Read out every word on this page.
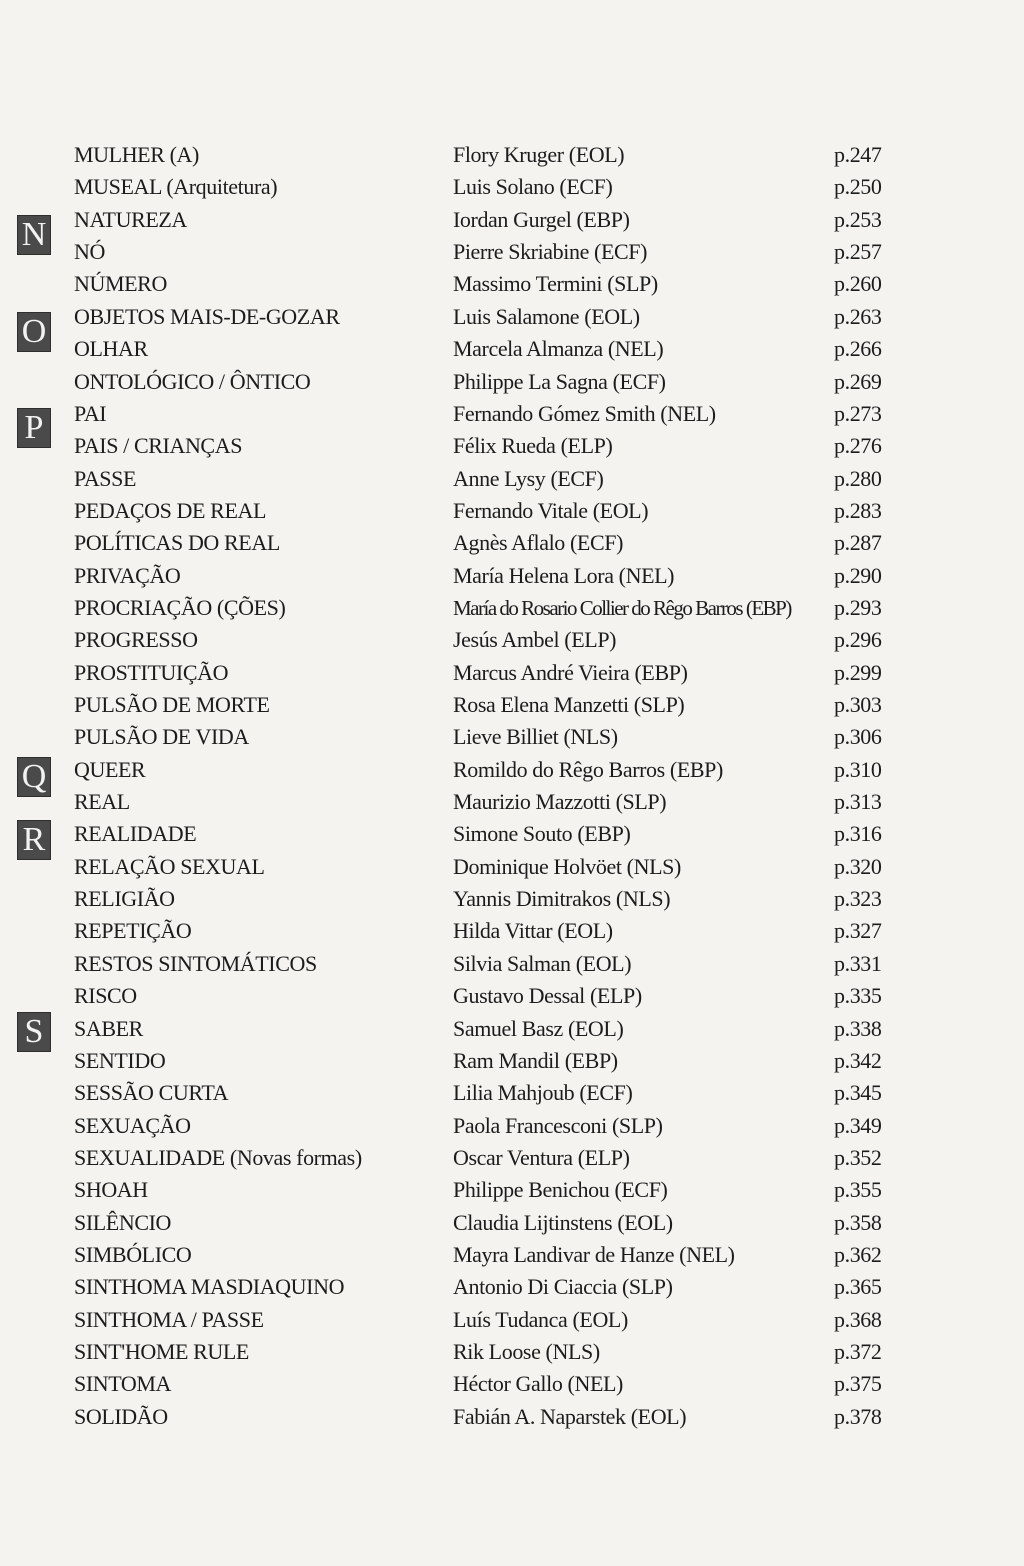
N
O
P
Q
R
S
MULHER (A)	Flory Kruger (EOL)	p.247
MUSEAL (Arquitetura)	Luis Solano (ECF)	p.250
NATUREZA	Iordan Gurgel (EBP)	p.253
NÓ	Pierre Skriabine (ECF)	p.257
NÚMERO	Massimo Termini (SLP)	p.260
OBJETOS MAIS-DE-GOZAR	Luis Salamone (EOL)	p.263
OLHAR	Marcela Almanza (NEL)	p.266
ONTOLÓGICO / ÔNTICO	Philippe La Sagna (ECF)	p.269
PAI	Fernando Gómez Smith (NEL)	p.273
PAIS / CRIANÇAS	Félix Rueda (ELP)	p.276
PASSE	Anne Lysy (ECF)	p.280
PEDAÇOS DE REAL	Fernando Vitale (EOL)	p.283
POLÍTICAS DO REAL	Agnès Aflalo (ECF)	p.287
PRIVAÇÃO	María Helena Lora (NEL)	p.290
PROCRIAÇÃO (ÇÕES)	María do Rosario Collier do Rêgo Barros (EBP) p.293
PROGRESSO	Jesús Ambel (ELP)	p.296
PROSTITUIÇÃO	Marcus André Vieira (EBP)	p.299
PULSÃO DE MORTE	Rosa Elena Manzetti (SLP)	p.303
PULSÃO DE VIDA	Lieve Billiet (NLS)	p.306
QUEER	Romildo do Rêgo Barros (EBP)	p.310
REAL	Maurizio Mazzotti (SLP)	p.313
REALIDADE	Simone Souto (EBP)	p.316
RELAÇÃO SEXUAL	Dominique Holvöet (NLS)	p.320
RELIGIÃO	Yannis Dimitrakos (NLS)	p.323
REPETIÇÃO	Hilda Vittar (EOL)	p.327
RESTOS SINTOMÁTICOS	Silvia Salman (EOL)	p.331
RISCO	Gustavo Dessal (ELP)	p.335
SABER	Samuel Basz (EOL)	p.338
SENTIDO	Ram Mandil (EBP)	p.342
SESSÃO CURTA	Lilia Mahjoub (ECF)	p.345
SEXUAÇÃO	Paola Francesconi (SLP)	p.349
SEXUALIDADE (Novas formas)	Oscar Ventura (ELP)	p.352
SHOAH	Philippe Benichou (ECF)	p.355
SILÊNCIO	Claudia Lijtinstens (EOL)	p.358
SIMBÓLICO	Mayra Landivar de Hanze (NEL)	p.362
SINTHOMA MASDIAQUINO	Antonio Di Ciaccia (SLP)	p.365
SINTHOMA / PASSE	Luís Tudanca (EOL)	p.368
SINT'HOME RULE	Rik Loose (NLS)	p.372
SINTOMA	Héctor Gallo (NEL)	p.375
SOLIDÃO	Fabián A. Naparstek (EOL)	p.378
